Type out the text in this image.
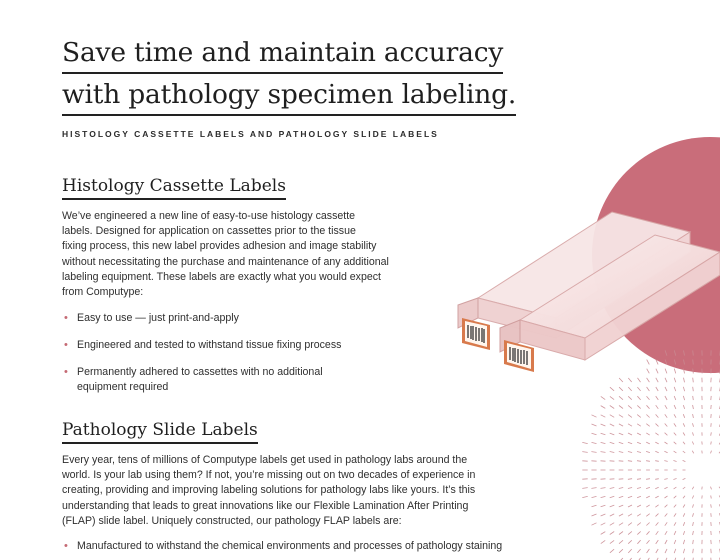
Save time and maintain accuracy
with pathology specimen labeling.
HISTOLOGY CASSETTE LABELS AND PATHOLOGY SLIDE LABELS
Histology Cassette Labels
We’ve engineered a new line of easy-to-use histology cassette
labels. Designed for application on cassettes prior to the tissue
fixing process, this new label provides adhesion and image stability
without necessitating the purchase and maintenance of any additional
labeling equipment. These labels are exactly what you would expect
from Computype:
• Easy to use — just print-and-apply
• Engineered and tested to withstand tissue fixing process
• Permanently adhered to cassettes with no additional
equipment required
Pathology Slide Labels
Every year, tens of millions of Computype labels get used in pathology labs around the
world. Is your lab using them? If not, you’re missing out on two decades of experience in
creating, providing and improving labeling solutions for pathology labs like yours. It’s this
understanding that leads to great innovations like our Flexible Lamination After Printing
(FLAP) slide label. Uniquely constructed, our pathology FLAP labels are:
• Manufactured to withstand the chemical environments and processes of pathology staining
